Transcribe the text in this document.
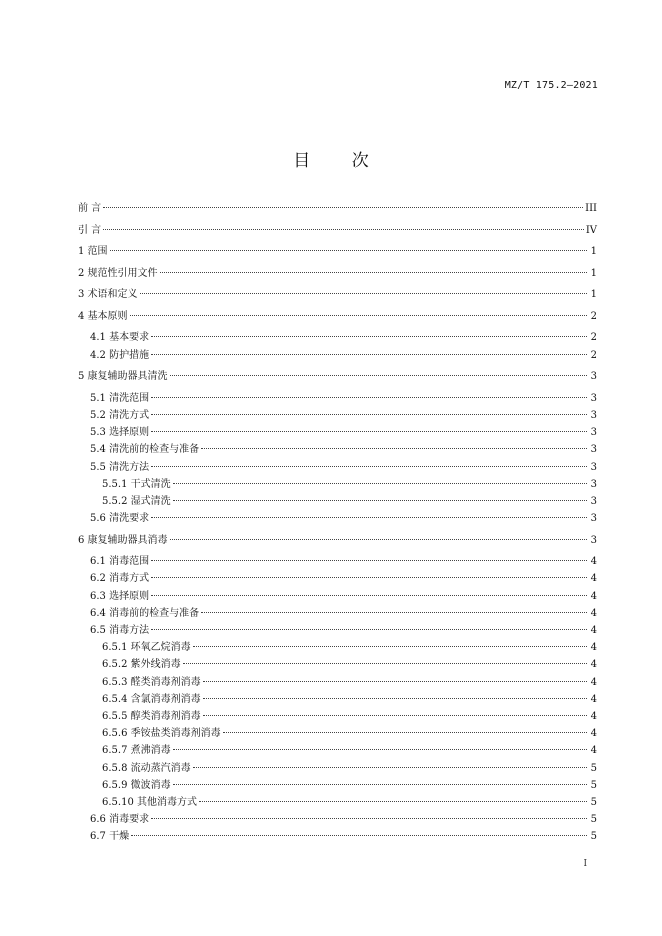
MZ/T 175.2—2021
目 次
前 言	III
引 言	IV
1 范围	1
2 规范性引用文件	1
3 术语和定义	1
4 基本原则	2
4.1 基本要求	2
4.2 防护措施	2
5 康复辅助器具清洗	3
5.1 清洗范围	3
5.2 清洗方式	3
5.3 选择原则	3
5.4 清洗前的检查与准备	3
5.5 清洗方法	3
5.5.1 干式清洗	3
5.5.2 湿式清洗	3
5.6 清洗要求	3
6 康复辅助器具消毒	3
6.1 消毒范围	4
6.2 消毒方式	4
6.3 选择原则	4
6.4 消毒前的检查与准备	4
6.5 消毒方法	4
6.5.1 环氧乙烷消毒	4
6.5.2 紫外线消毒	4
6.5.3 醛类消毒剂消毒	4
6.5.4 含氯消毒剂消毒	4
6.5.5 醇类消毒剂消毒	4
6.5.6 季铵盐类消毒剂消毒	4
6.5.7 煮沸消毒	4
6.5.8 流动蒸汽消毒	5
6.5.9 微波消毒	5
6.5.10 其他消毒方式	5
6.6 消毒要求	5
6.7 干燥	5
I
